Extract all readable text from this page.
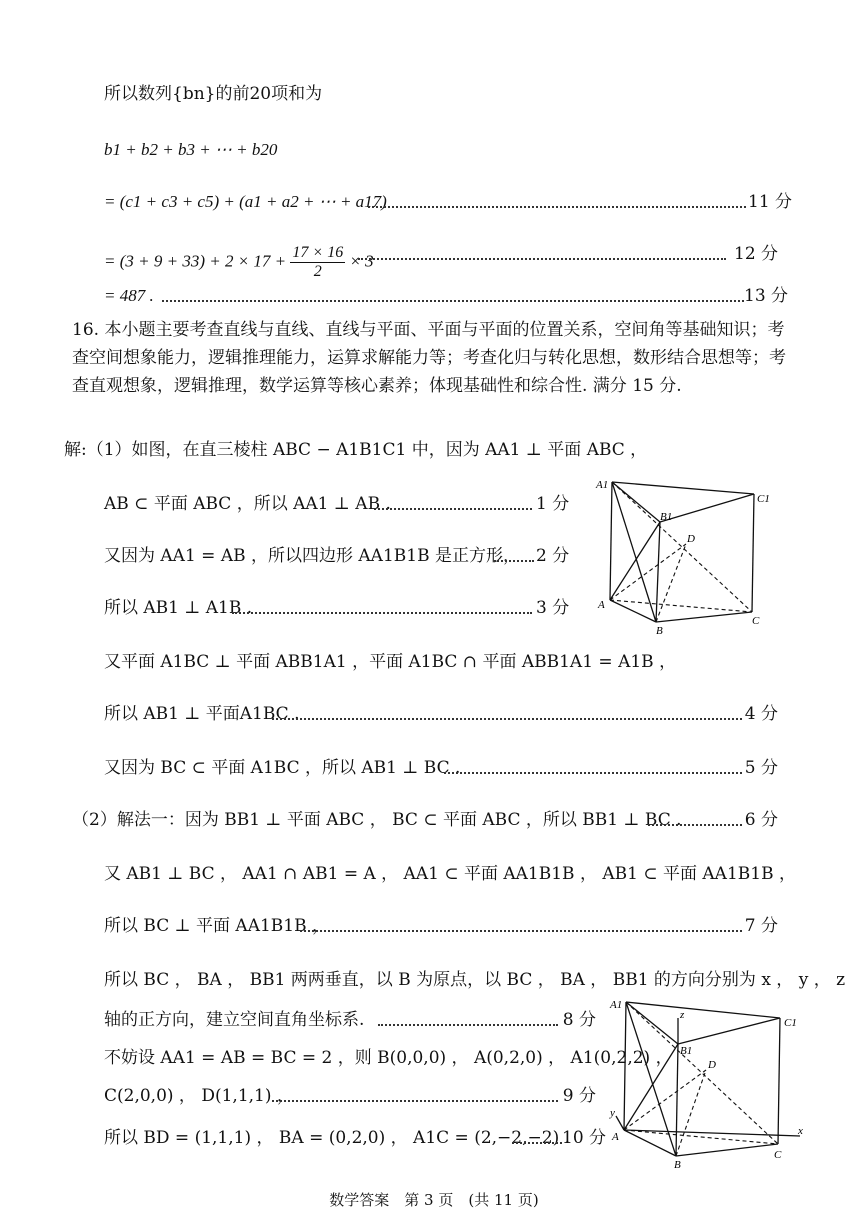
所以数列{bn}的前20项和为
b1 + b2 + b3 + ⋯ + b20
= (c1 + c3 + c5) + (a1 + a2 + ⋯ + a17)	11 分
= $(3 + 9 + 33) + 2 \times 17 + \frac{17 \times 16}{2} \times 3$	12 分
= 487 .	13 分
16. 本小题主要考查直线与直线、直线与平面、平面与平面的位置关系，空间角等基础知识；考查空间想象能力，逻辑推理能力，运算求解能力等；考查化归与转化思想，数形结合思想等；考查直观想象，逻辑推理，数学运算等核心素养；体现基础性和综合性. 满分 15 分.
解:（1）如图，在直三棱柱 ABC − A1B1C1 中，因为 AA1 ⊥ 平面 ABC ，
AB ⊂ 平面 ABC ，所以 AA1 ⊥ AB .	1 分
又因为 AA1 = AB ，所以四边形 AA1B1B 是正方形， 2 分
所以 AB1 ⊥ A1B .	3 分
又平面 A1BC ⊥ 平面 ABB1A1 ，平面 A1BC ∩ 平面 ABB1A1 = A1B ，
所以 AB1 ⊥ 平面A1BC .	4 分
又因为 BC ⊂ 平面 A1BC ，所以 AB1 ⊥ BC .	5 分
（2）解法一：因为 BB1 ⊥ 平面 ABC ， BC ⊂ 平面 ABC ，所以 BB1 ⊥ BC .	6 分
又 AB1 ⊥ BC ， AA1 ∩ AB1 = A ， AA1 ⊂ 平面 AA1B1B ， AB1 ⊂ 平面 AA1B1B ，
所以 BC ⊥ 平面 AA1B1B ，	7 分
所以 BC ， BA ， BB1 两两垂直，以 B 为原点，以 BC ， BA ， BB1 的方向分别为 x ， y ， z
轴的正方向，建立空间直角坐标系.	8 分
不妨设 AA1 = AB = BC = 2 ，则 B(0,0,0) ， A(0,2,0) ， A1(0,2,2) ，
C(2,0,0) ， D(1,1,1) ，	9 分
所以 BD = (1,1,1) ， BA = (0,2,0) ， A1C = (2,−2,−2) .
10 分
A1
B1
C1
D
A
B
C
A1
z
C1
B1
D
y
A	x
B
C
数学答案　第 3 页　(共 11 页)
